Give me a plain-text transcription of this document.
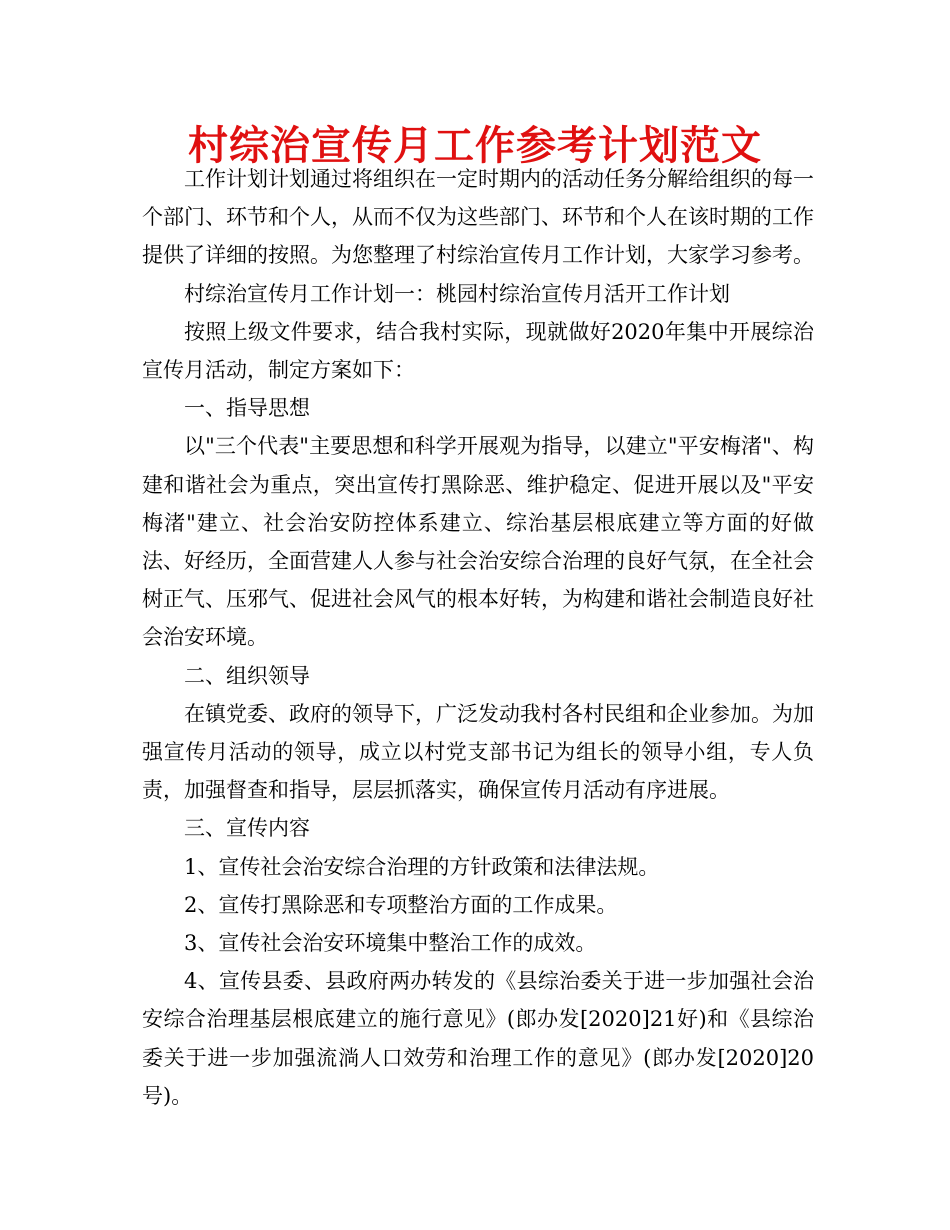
村综治宣传月工作参考计划范文

工作计划计划通过将组织在一定时期内的活动任务分解给组织的每一个部门、环节和个人，从而不仅为这些部门、环节和个人在该时期的工作提供了详细的按照。为您整理了村综治宣传月工作计划，大家学习参考。

村综治宣传月工作计划一：桃园村综治宣传月活开工作计划

按照上级文件要求，结合我村实际，现就做好2020年集中开展综治宣传月活动，制定方案如下：

一、指导思想

以"三个代表"主要思想和科学开展观为指导，以建立"平安梅渚"、构建和谐社会为重点，突出宣传打黑除恶、维护稳定、促进开展以及"平安梅渚"建立、社会治安防控体系建立、综治基层根底建立等方面的好做法、好经历，全面营建人人参与社会治安综合治理的良好气氛，在全社会树正气、压邪气、促进社会风气的根本好转，为构建和谐社会制造良好社会治安环境。

二、组织领导

在镇党委、政府的领导下，广泛发动我村各村民组和企业参加。为加强宣传月活动的领导，成立以村党支部书记为组长的领导小组，专人负责，加强督查和指导，层层抓落实，确保宣传月活动有序进展。

三、宣传内容

1、宣传社会治安综合治理的方针政策和法律法规。

2、宣传打黑除恶和专项整治方面的工作成果。

3、宣传社会治安环境集中整治工作的成效。

4、宣传县委、县政府两办转发的《县综治委关于进一步加强社会治安综合治理基层根底建立的施行意见》(郎办发[2020]21好)和《县综治委关于进一步加强流淌人口效劳和治理工作的意见》(郎办发[2020]20号)。
